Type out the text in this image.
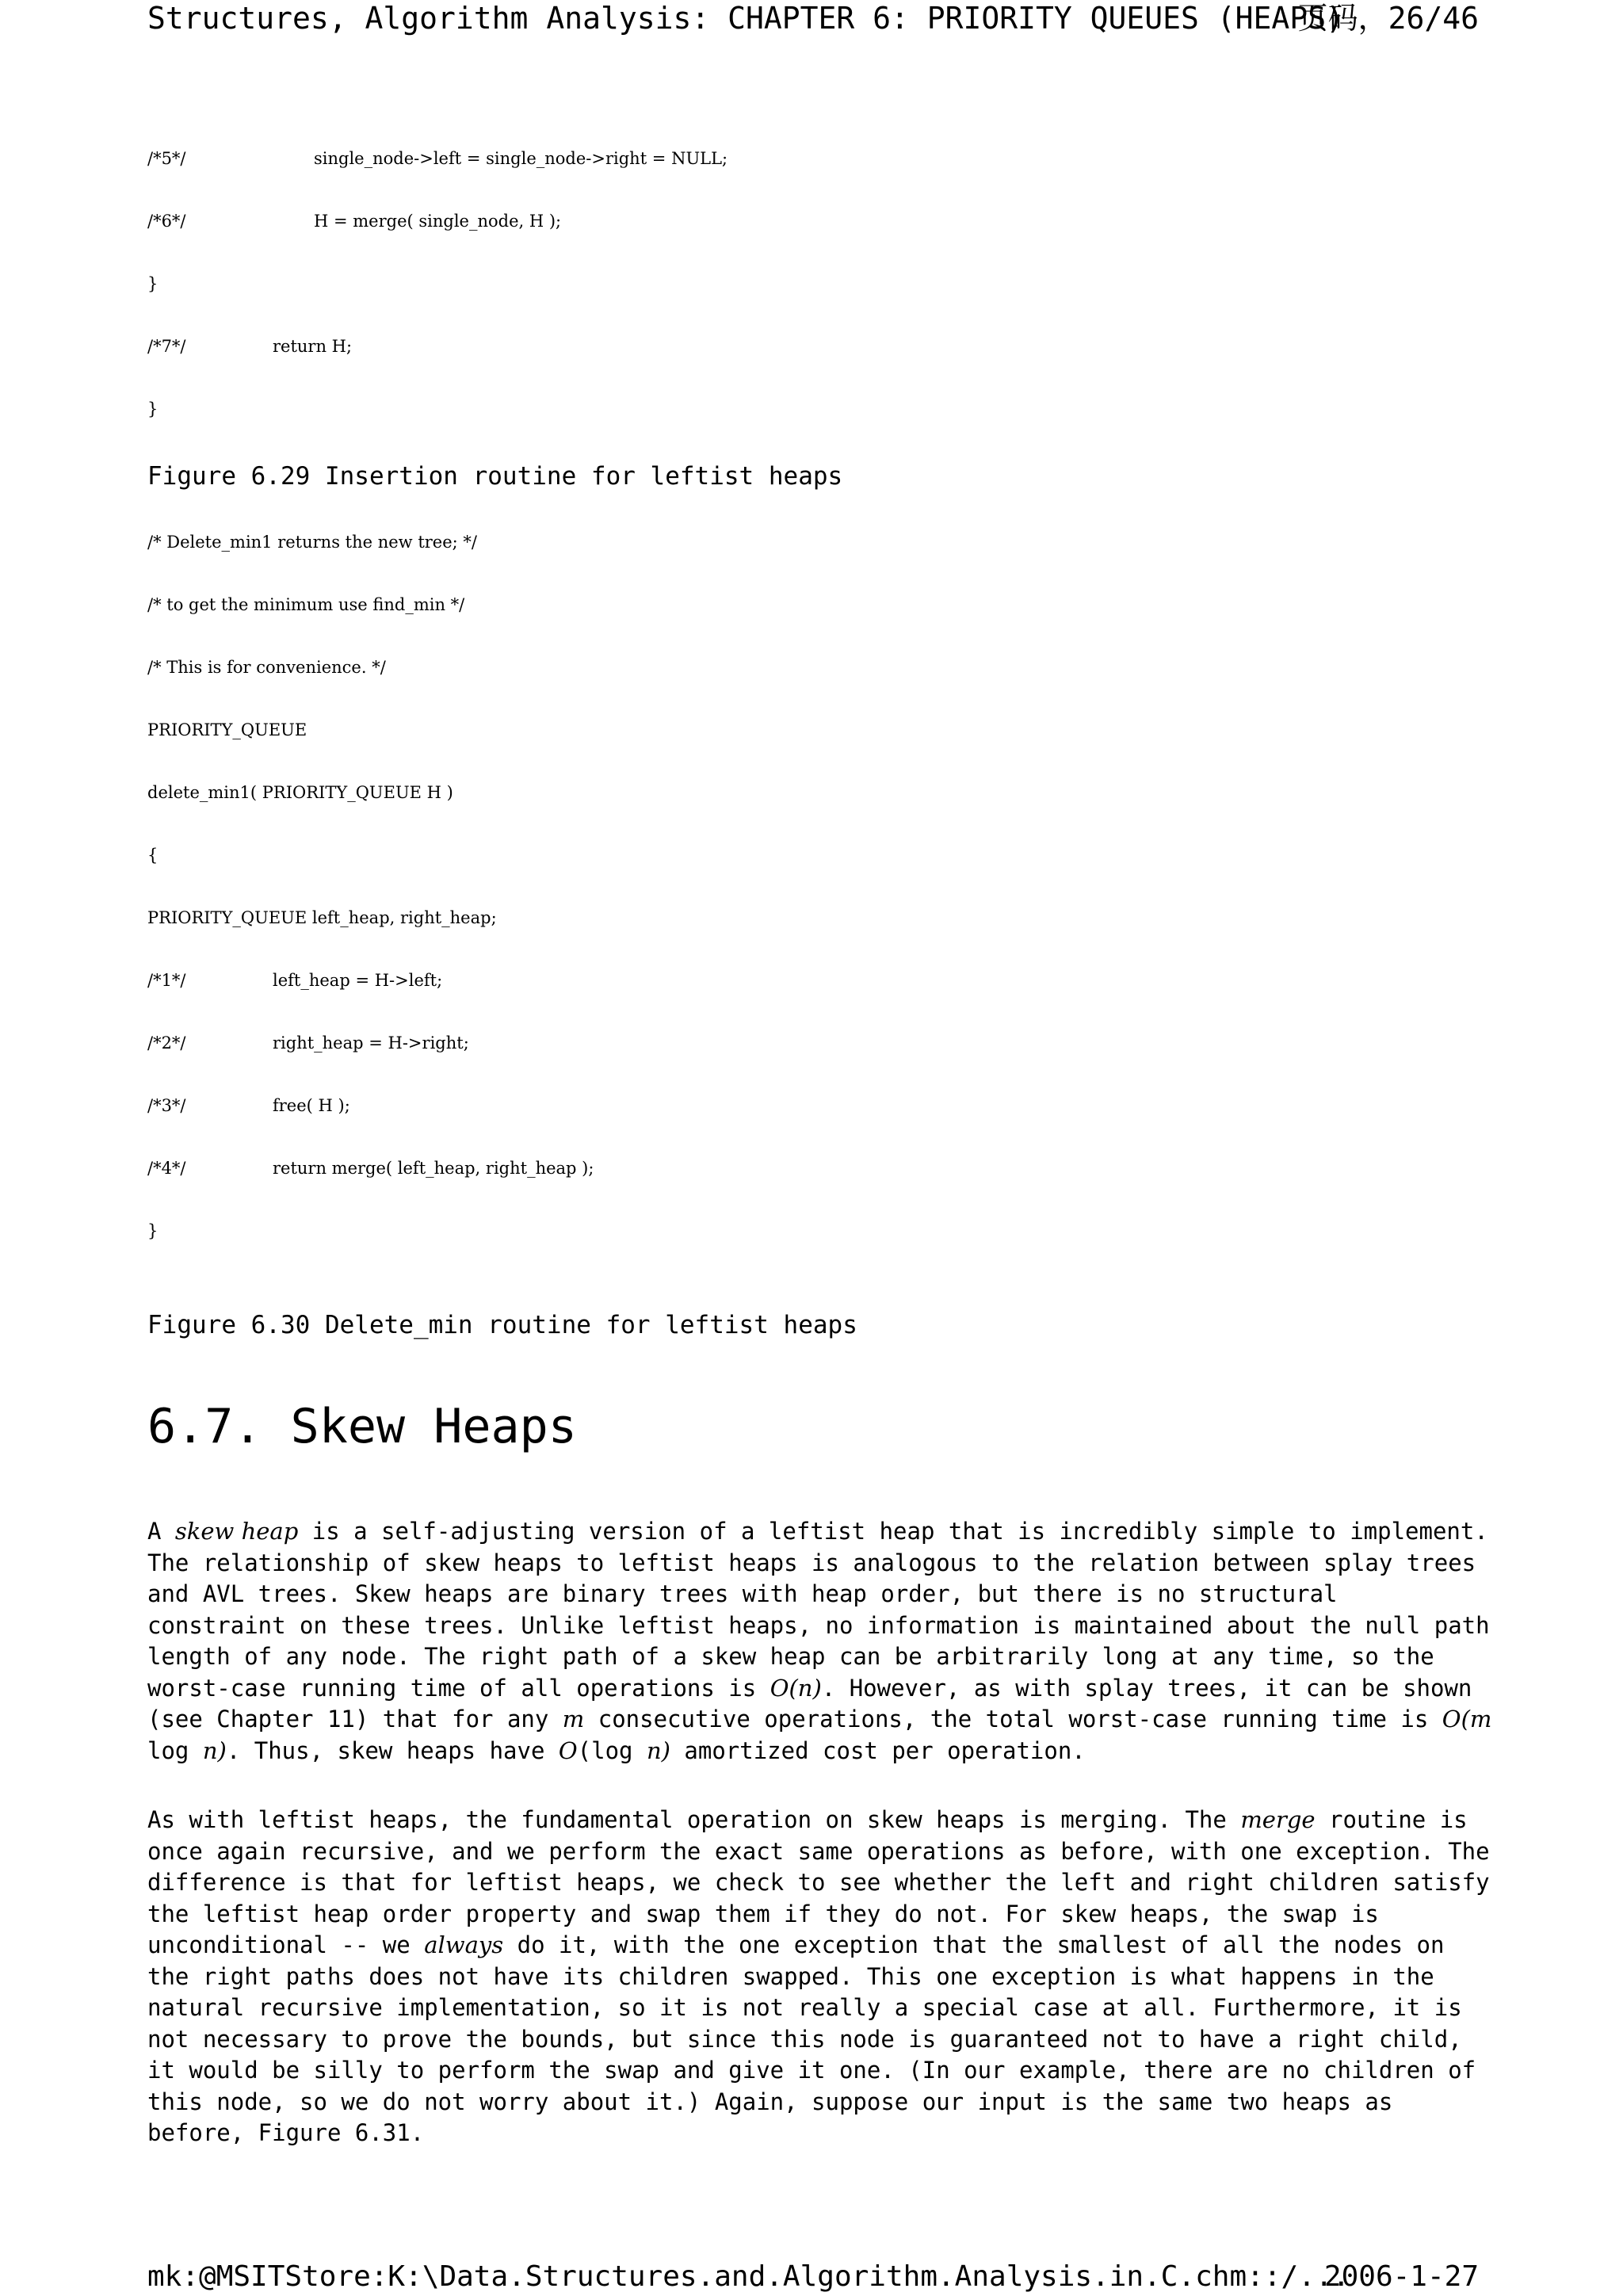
Structures, Algorithm Analysis: CHAPTER 6: PRIORITY QUEUES (HEAPS)
页码，26/46
/*5*/	single_node->left = single_node->right = NULL;
/*6*/	H = merge( single_node, H );
}
/*7*/	return H;
}
Figure 6.29 Insertion routine for leftist heaps
/* Delete_min1 returns the new tree; */
/* to get the minimum use find_min */
/* This is for convenience. */
PRIORITY_QUEUE
delete_min1( PRIORITY_QUEUE H )
{
PRIORITY_QUEUE left_heap, right_heap;
/*1*/	left_heap = H->left;
/*2*/	right_heap = H->right;
/*3*/	free( H );
/*4*/	return merge( left_heap, right_heap );
}
Figure 6.30 Delete_min routine for leftist heaps
6.7. Skew Heaps
A skew heap is a self-adjusting version of a leftist heap that is incredibly simple to implement.
The relationship of skew heaps to leftist heaps is analogous to the relation between splay trees
and AVL trees. Skew heaps are binary trees with heap order, but there is no structural
constraint on these trees. Unlike leftist heaps, no information is maintained about the null path
length of any node. The right path of a skew heap can be arbitrarily long at any time, so the
worst-case running time of all operations is O(n). However, as with splay trees, it can be shown
(see Chapter 11) that for any m consecutive operations, the total worst-case running time is O(m
log n). Thus, skew heaps have O(log n) amortized cost per operation.
As with leftist heaps, the fundamental operation on skew heaps is merging. The merge routine is
once again recursive, and we perform the exact same operations as before, with one exception. The
difference is that for leftist heaps, we check to see whether the left and right children satisfy
the leftist heap order property and swap them if they do not. For skew heaps, the swap is
unconditional -- we always do it, with the one exception that the smallest of all the nodes on
the right paths does not have its children swapped. This one exception is what happens in the
natural recursive implementation, so it is not really a special case at all. Furthermore, it is
not necessary to prove the bounds, but since this node is guaranteed not to have a right child,
it would be silly to perform the swap and give it one. (In our example, there are no children of
this node, so we do not worry about it.) Again, suppose our input is the same two heaps as
before, Figure 6.31.
mk:@MSITStore:K:\Data.Structures.and.Algorithm.Analysis.in.C.chm::/...
2006-1-27
